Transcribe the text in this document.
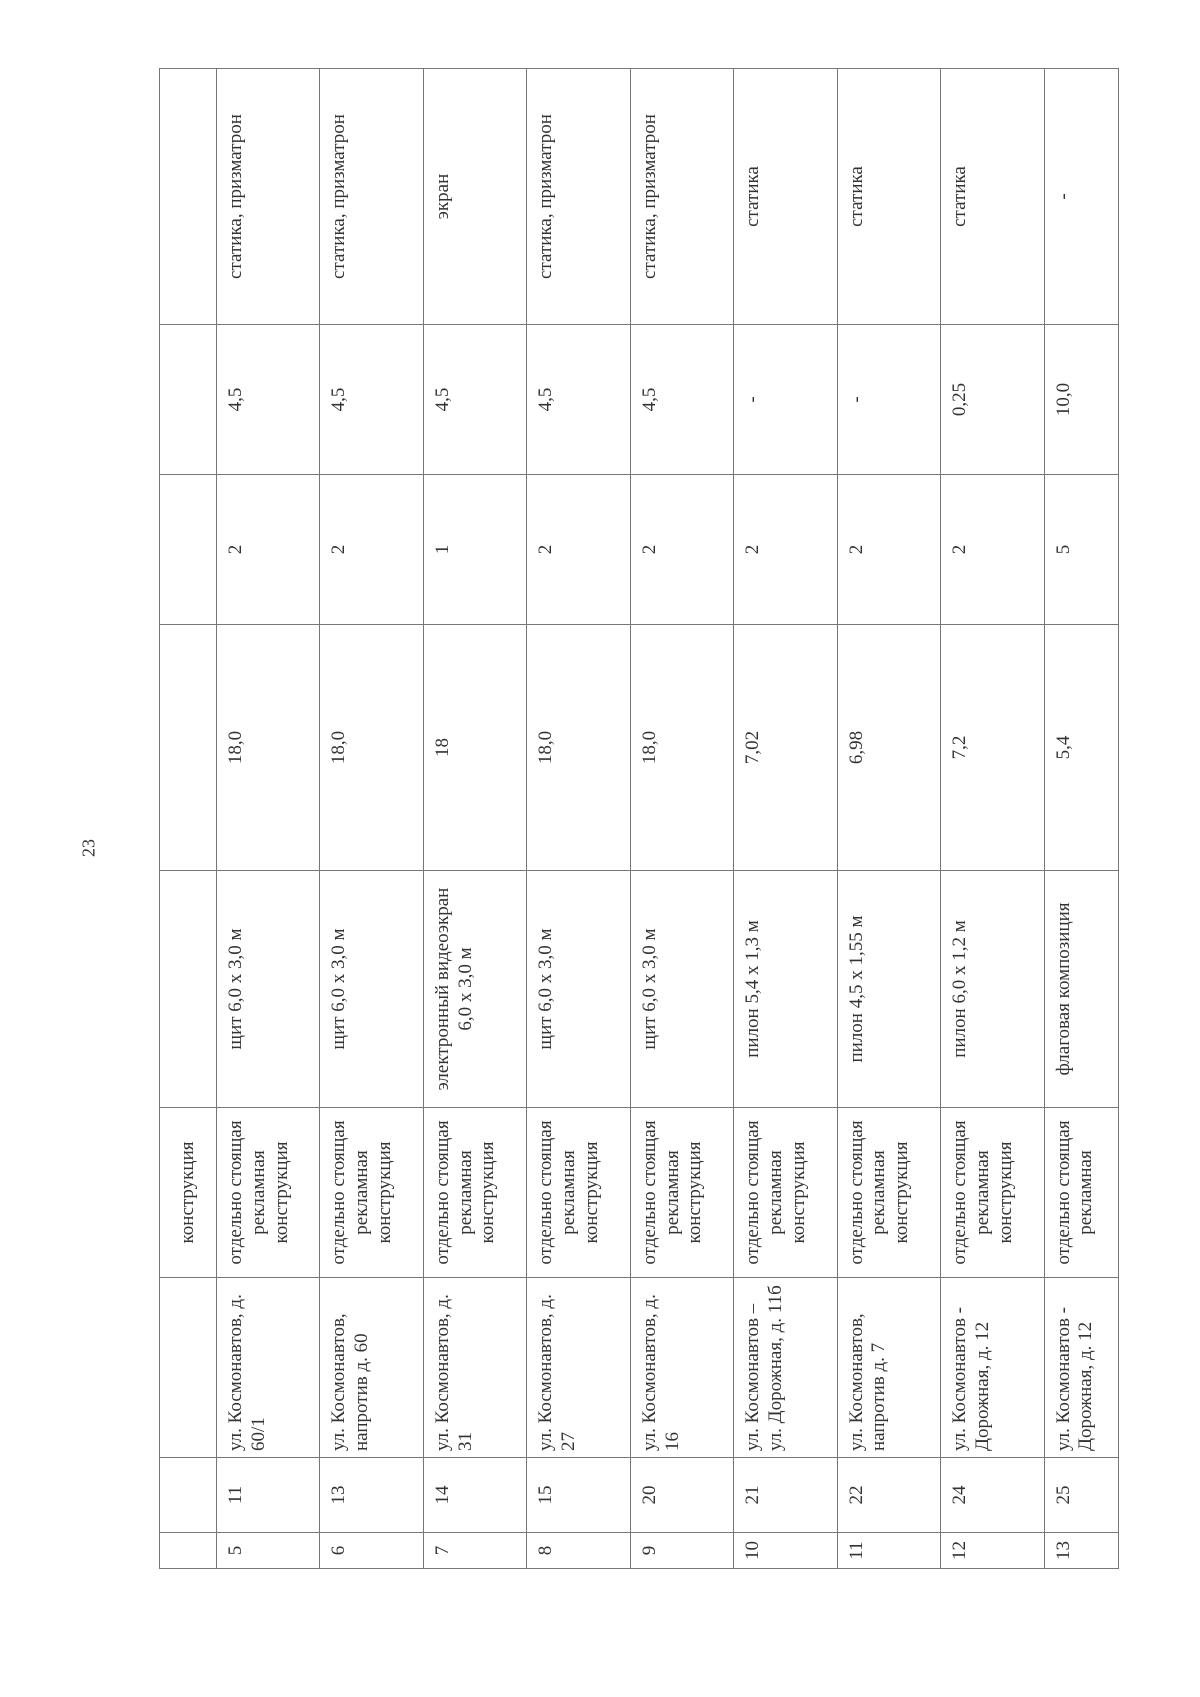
23
			конструкция					
5	11	ул. Космонавтов, д. 60/1	отдельно стоящая рекламная конструкция	щит 6,0 х 3,0 м	18,0	2	4,5	статика, призматрон
6	13	ул. Космонавтов, напротив д. 60	отдельно стоящая рекламная конструкция	щит 6,0 х 3,0 м	18,0	2	4,5	статика, призматрон
7	14	ул. Космонавтов, д. 31	отдельно стоящая рекламная конструкция	электронный видеоэкран 6,0 х 3,0 м	18	1	4,5	экран
8	15	ул. Космонавтов, д. 27	отдельно стоящая рекламная конструкция	щит 6,0 х 3,0 м	18,0	2	4,5	статика, призматрон
9	20	ул. Космонавтов, д. 16	отдельно стоящая рекламная конструкция	щит 6,0 х 3,0 м	18,0	2	4,5	статика, призматрон
10	21	ул. Космонавтов – ул. Дорожная, д. 11б	отдельно стоящая рекламная конструкция	пилон 5,4 х 1,3 м	7,02	2	-	статика
11	22	ул. Космонавтов, напротив д. 7	отдельно стоящая рекламная конструкция	пилон 4,5 х 1,55 м	6,98	2	-	статика
12	24	ул. Космонавтов - Дорожная, д. 12	отдельно стоящая рекламная конструкция	пилон 6,0 х 1,2 м	7,2	2	0,25	статика
13	25	ул. Космонавтов - Дорожная, д. 12	отдельно стоящая рекламная	флаговая композиция	5,4	5	10,0	-
